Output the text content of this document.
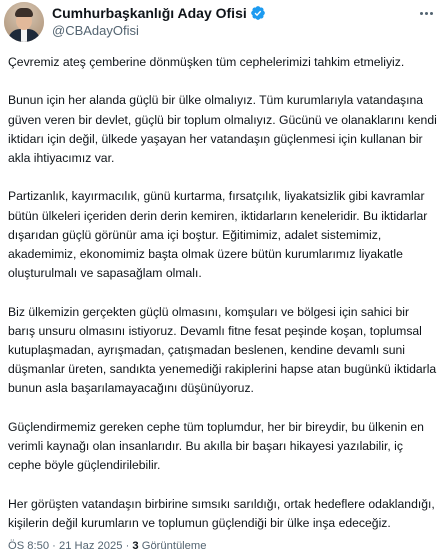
Cumhurbaşkanlığı Aday Ofisi
@CBAdayOfisi

Çevremiz ateş çemberine dönmüşken tüm cephelerimizi tahkim etmeliyiz.

Bunun için her alanda güçlü bir ülke olmalıyız. Tüm kurumlarıyla vatandaşına güven veren bir devlet, güçlü bir toplum olmalıyız. Gücünü ve olanaklarını kendi iktidarı için değil, ülkede yaşayan her vatandaşın güçlenmesi için kullanan bir akla ihtiyacımız var.

Partizanlık, kayırmacılık, günü kurtarma, fırsatçılık, liyakatsizlik gibi kavramlar bütün ülkeleri içeriden derin derin kemiren, iktidarların keneleridir. Bu iktidarlar dışarıdan güçlü görünür ama içi boştur. Eğitimimiz, adalet sistemimiz, akademimiz, ekonomimiz başta olmak üzere bütün kurumlarımız liyakatle oluşturulmalı ve sapasağlam olmalı.

Biz ülkemizin gerçekten güçlü olmasını, komşuları ve bölgesi için sahici bir barış unsuru olmasını istiyoruz. Devamlı fitne fesat peşinde koşan, toplumsal kutuplaşmadan, ayrışmadan, çatışmadan beslenen, kendine devamlı suni düşmanlar üreten, sandıkta yenemediği rakiplerini hapse atan bugünkü iktidarla bunun asla başarılamayacağını düşünüyoruz.

Güçlendirmemiz gereken cephe tüm toplumdur, her bir bireydir, bu ülkenin en verimli kaynağı olan insanlarıdır. Bu akılla bir başarı hikayesi yazılabilir, iç cephe böyle güçlendirilebilir.

Her görüşten vatandaşın birbirine sımsıkı sarıldığı, ortak hedeflere odaklandığı, kişilerin değil kurumların ve toplumun güçlendiği bir ülke inşa edeceğiz.

ÖS 8:50 · 21 Haz 2025 · 3 Görüntüleme
